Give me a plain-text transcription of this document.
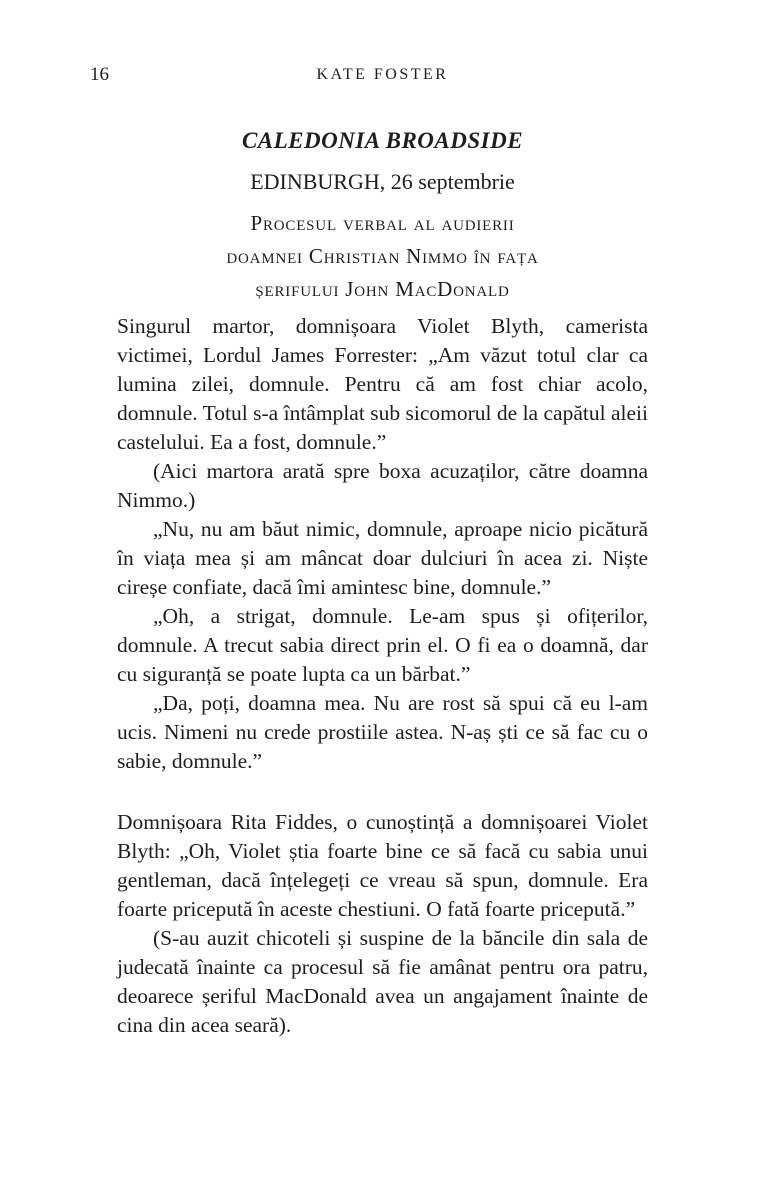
16	KATE FOSTER
CALEDONIA BROADSIDE
EDINBURGH, 26 septembrie
Procesul verbal al audierii
doamnei Christian Nimmo în fața
șerifului John MacDonald

Singurul martor, domnișoara Violet Blyth, camerista victimei, Lordul James Forrester: „Am văzut totul clar ca lumina zilei, domnule. Pentru că am fost chiar acolo, domnule. Totul s-a întâmplat sub sicomorul de la capătul aleii castelului. Ea a fost, domnule.”

(Aici martora arată spre boxa acuzaților, către doamna Nimmo.)

„Nu, nu am băut nimic, domnule, aproape nicio picătură în viața mea și am mâncat doar dulciuri în acea zi. Niște cireșe confiate, dacă îmi amintesc bine, domnule.”

„Oh, a strigat, domnule. Le-am spus și ofițerilor, domnule. A trecut sabia direct prin el. O fi ea o doamnă, dar cu siguranță se poate lupta ca un bărbat.”

„Da, poți, doamna mea. Nu are rost să spui că eu l-am ucis. Nimeni nu crede prostiile astea. N-aș ști ce să fac cu o sabie, domnule.”

Domnișoara Rita Fiddes, o cunoștință a domnișoarei Violet Blyth: „Oh, Violet știa foarte bine ce să facă cu sabia unui gentleman, dacă înțelegeți ce vreau să spun, domnule. Era foarte pricepută în aceste chestiuni. O fată foarte pricepută.”

(S-au auzit chicoteli și suspine de la băncile din sala de judecată înainte ca procesul să fie amânat pentru ora patru, deoarece șeriful MacDonald avea un angajament înainte de cina din acea seară).
